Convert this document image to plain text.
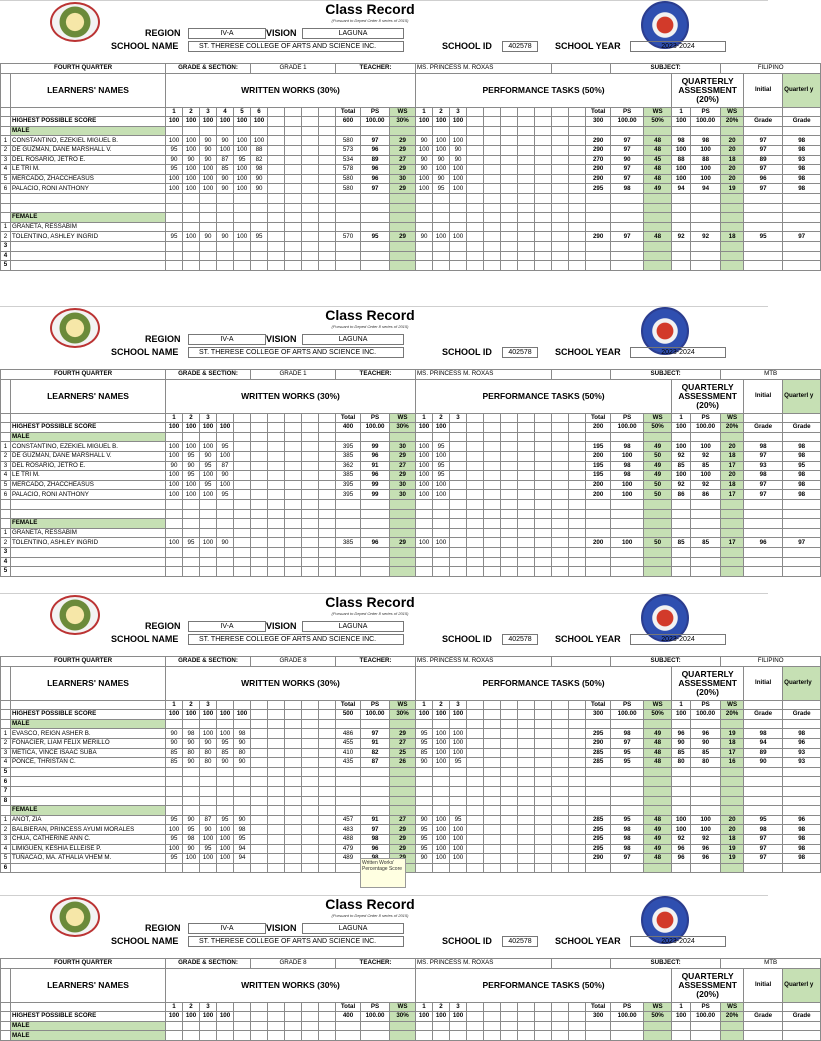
Class Record
(Pursuant to Deped Order 8 series of 2015)
REGION	IV-A	VISION	LAGUNA
SCHOOL NAME	ST. THERESE COLLEGE OF ARTS AND SCIENCE INC.	SCHOOL ID	402578	SCHOOL YEAR	2023-2024
FOURTH QUARTER		GRADE & SECTION:					GRADE 1					TEACHER:			MS. PRINCESS M. ROXAS											SUBJECT:				FILIPINO		
	LEARNERS' NAMES	WRITTEN WORKS (30%)													PERFORMANCE TASKS (50%)													QUARTERLY ASSESSMENT (20%)			Initial	Quarterl y
		1	2	3	4	5	6					Total	PS	WS	1	2	3								Total	PS	WS	1	PS	WS		
	HIGHEST POSSIBLE SCORE	100	100	100	100	100	100					600	100.00	30%	100	100	100								300	100.00	50%	100	100.00	20%	Grade	Grade
	MALE																															
1	CONSTANTINO, EZEKIEL MIGUEL B.	100	100	90	90	100	100					580	97	29	90	100	100								290	97	48	98	98	20	97	98
2	DE GUZMAN, DANE MARSHALL V.	95	100	90	100	100	88					573	96	29	100	100	90								290	97	48	100	100	20	97	98
3	DEL ROSARIO, JETRO E.	90	90	90	87	95	82					534	89	27	90	90	90								270	90	45	88	88	18	89	93
4	LE TRI M.	95	100	100	85	100	98					578	96	29	90	100	100								290	97	48	100	100	20	97	98
5	MERCADO, ZHACCHEASUS	100	100	100	90	100	90					580	96	30	100	90	100								290	97	48	100	100	20	96	98
6	PALACIO, RONI ANTHONY	100	100	100	90	100	90					580	97	29	100	95	100								295	98	49	94	94	19	97	98

	FEMALE																															
1	GRANETA, RESSABIM																															
2	TOLENTINO, ASHLEY INGRID	95	100	90	90	100	95					570	95	29	90	100	100								290	97	48	92	92	18	95	97
3																																
4																																
5																																
Class Record
(Pursuant to Deped Order 8 series of 2015)
REGION	IV-A	VISION	LAGUNA
SCHOOL NAME	ST. THERESE COLLEGE OF ARTS AND SCIENCE INC.	SCHOOL ID	402578	SCHOOL YEAR	2023-2024
FOURTH QUARTER		GRADE & SECTION:					GRADE 1					TEACHER:			MS. PRINCESS M. ROXAS											SUBJECT:				MTB		
	LEARNERS' NAMES	WRITTEN WORKS (30%)													PERFORMANCE TASKS (50%)													QUARTERLY ASSESSMENT (20%)			Initial	Quarterl y
		1	2	3								Total	PS	WS	1	2	3								Total	PS	WS	1	PS	WS		
	HIGHEST POSSIBLE SCORE	100	100	100	100							400	100.00	30%	100	100									200	100.00	50%	100	100.00	20%	Grade	Grade
	MALE																															
1	CONSTANTINO, EZEKIEL MIGUEL B.	100	100	100	95							395	99	30	100	95									195	98	49	100	100	20	98	98
2	DE GUZMAN, DANE MARSHALL V.	100	95	90	100							385	96	29	100	100									200	100	50	92	92	18	97	98
3	DEL ROSARIO, JETRO E.	90	90	95	87							362	91	27	100	95									195	98	49	85	85	17	93	95
4	LE TRI M.	100	95	100	90							385	96	29	100	95									195	98	49	100	100	20	98	98
5	MERCADO, ZHACCHEASUS	100	100	95	100							395	99	30	100	100									200	100	50	92	92	18	97	98
6	PALACIO, RONI ANTHONY	100	100	100	95							395	99	30	100	100									200	100	50	86	86	17	97	98

	FEMALE																															
1	GRANETA, RESSABIM																															
2	TOLENTINO, ASHLEY INGRID	100	95	100	90							385	96	29	100	100									200	100	50	85	85	17	96	97
3																																
4																																
5																																
Class Record
(Pursuant to Deped Order 8 series of 2015)
REGION	IV-A	VISION	LAGUNA
SCHOOL NAME	ST. THERESE COLLEGE OF ARTS AND SCIENCE INC.	SCHOOL ID	402578	SCHOOL YEAR	2023-2024
FOURTH QUARTER		GRADE & SECTION:					GRADE 8					TEACHER:			MS. PRINCESS M. ROXAS											SUBJECT:				FILIPINO		
	LEARNERS' NAMES	WRITTEN WORKS (30%)													PERFORMANCE TASKS (50%)													QUARTERLY ASSESSMENT (20%)			Initial	Quarterly
		1	2	3								Total	PS	WS	1	2	3								Total	PS	WS	1	PS	WS		
	HIGHEST POSSIBLE SCORE	100	100	100	100	100						500	100.00	30%	100	100	100								300	100.00	50%	100	100.00	20%	Grade	Grade
	MALE																															
1	EVASCO, REIGN ASHER B.	90	98	100	100	98						486	97	29	95	100	100								295	98	49	96	96	19	98	98
2	FONACIER, LIAM FELIX MERILLO	90	90	90	95	90						455	91	27	95	100	100								290	97	48	90	90	18	94	96
3	METICA, VINCE ISAAC SUBA	85	80	80	85	80						410	82	25	85	100	100								285	95	48	85	85	17	89	93
4	PONCE, THRISTAN C.	85	90	80	90	90						435	87	26	90	100	95								285	95	48	80	80	16	90	93
5																																
6																																
7																																
8																																
	FEMALE																															
1	ANOT, ZIA	95	90	87	95	90						457	91	27	90	100	95								285	95	48	100	100	20	95	96
2	BALBIERAN, PRINCESS AYUMI MORALES	100	95	90	100	98						483	97	29	95	100	100								295	98	49	100	100	20	98	98
3	CHUA, CATHERINE ANN C.	95	98	100	100	95						488	98	29	95	100	100								295	98	49	92	92	18	97	98
4	LIMIGUEN, KESHIA ELLEISE P.	100	90	95	100	94						479	96	29	95	100	100								295	98	49	96	96	19	97	98
5	TUÑACAO, MA. ATHALIA VHEM M.	95	100	100	100	94						489			90	100	100								290	97	48	96	96	19	97	98
6																																
Class Record
(Pursuant to Deped Order 8 series of 2015)
REGION	IV-A	VISION	LAGUNA
SCHOOL NAME	ST. THERESE COLLEGE OF ARTS AND SCIENCE INC.	SCHOOL ID	402578	SCHOOL YEAR	2023-2024
FOURTH QUARTER		GRADE & SECTION:					GRADE 8					TEACHER:			MS. PRINCESS M. ROXAS											SUBJECT:				MTB		
	LEARNERS' NAMES	WRITTEN WORKS (30%)													PERFORMANCE TASKS (50%)													QUARTERLY ASSESSMENT (20%)			Initial	Quarterl y
		1	2	3								Total	PS	WS	1	2	3								Total	PS	WS	1	PS	WS		
	HIGHEST POSSIBLE SCORE	100	100	100	100							400	100.00	30%	100	100	100								300	100.00	50%	100	100.00	20%	Grade	Grade
	MALE																															
	MALE																															
Written Works' Percentage Score
